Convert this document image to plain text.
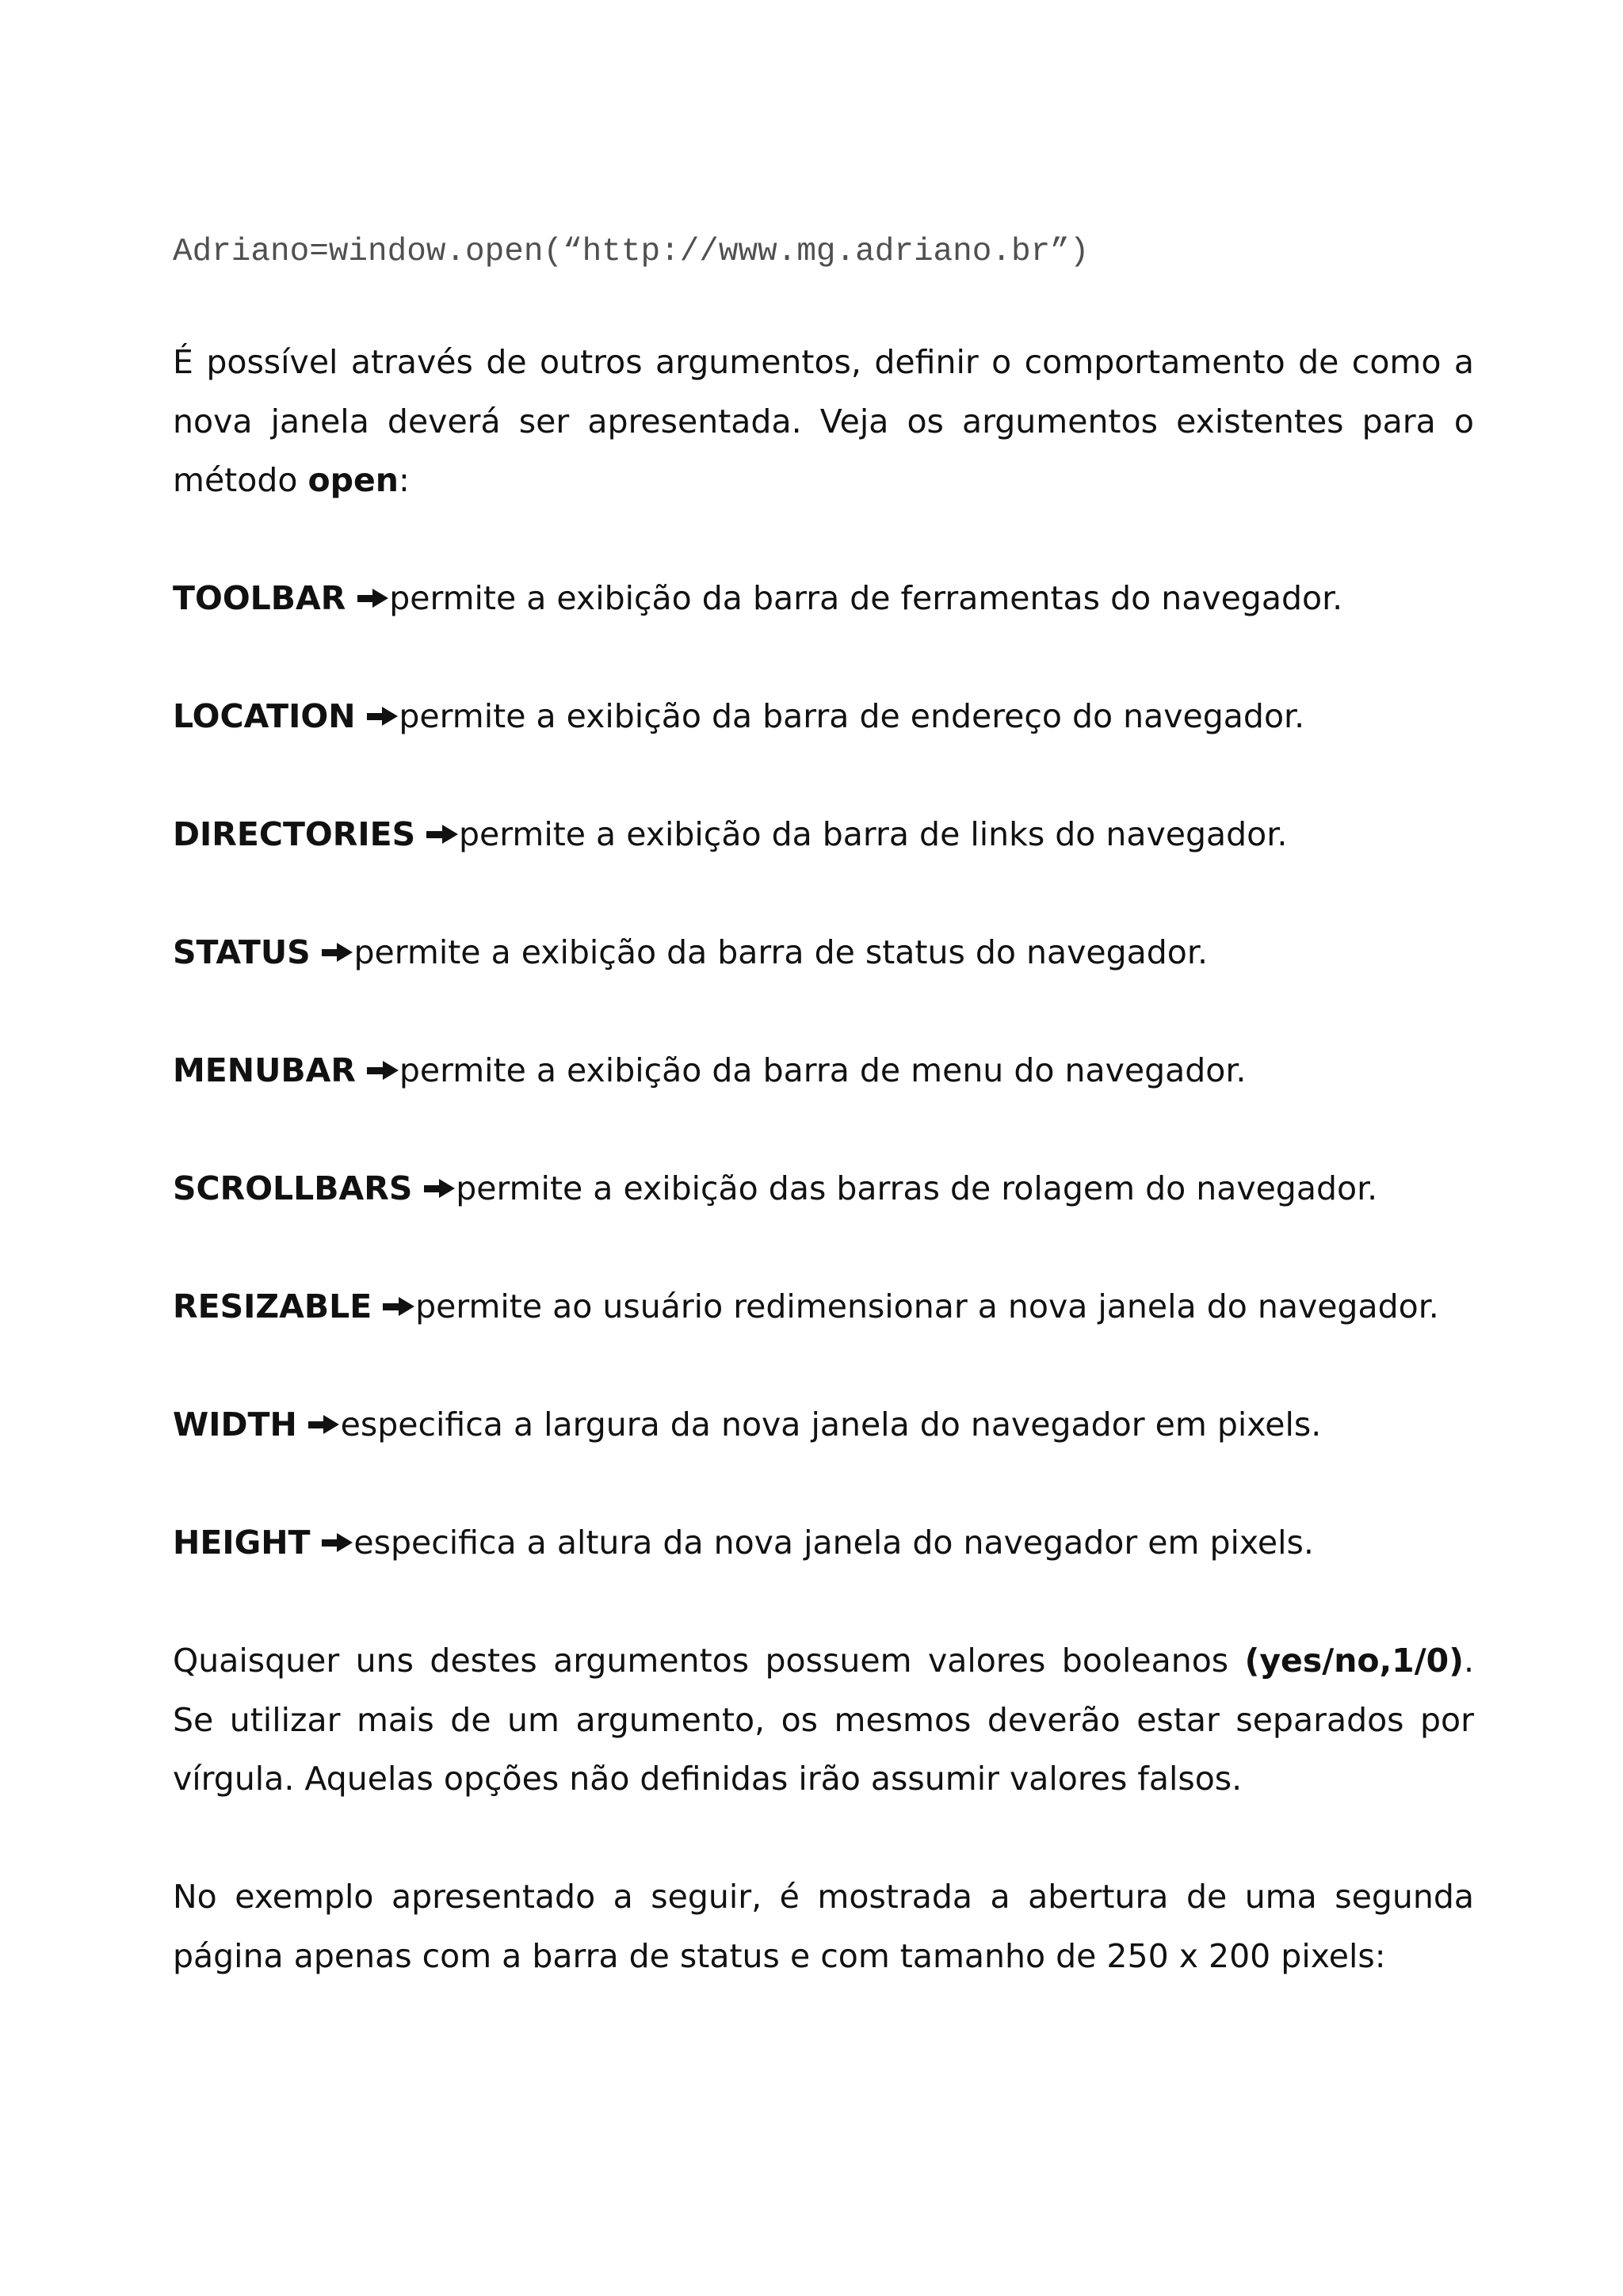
Adriano=window.open(“http://www.mg.adriano.br”)
É possível através de outros argumentos, definir o comportamento de como a
nova janela deverá ser apresentada. Veja os argumentos existentes para o
método open:
TOOLBAR permite a exibição da barra de ferramentas do navegador.
LOCATION permite a exibição da barra de endereço do navegador.
DIRECTORIES permite a exibição da barra de links do navegador.
STATUS permite a exibição da barra de status do navegador.
MENUBAR permite a exibição da barra de menu do navegador.
SCROLLBARS permite a exibição das barras de rolagem do navegador.
RESIZABLE permite ao usuário redimensionar a nova janela do navegador.
WIDTH especifica a largura da nova janela do navegador em pixels.
HEIGHT especifica a altura da nova janela do navegador em pixels.
Quaisquer uns destes argumentos possuem valores booleanos (yes/no,1/0).
Se utilizar mais de um argumento, os mesmos deverão estar separados por
vírgula. Aquelas opções não definidas irão assumir valores falsos.
No exemplo apresentado a seguir, é mostrada a abertura de uma segunda
página apenas com a barra de status e com tamanho de 250 x 200 pixels:
